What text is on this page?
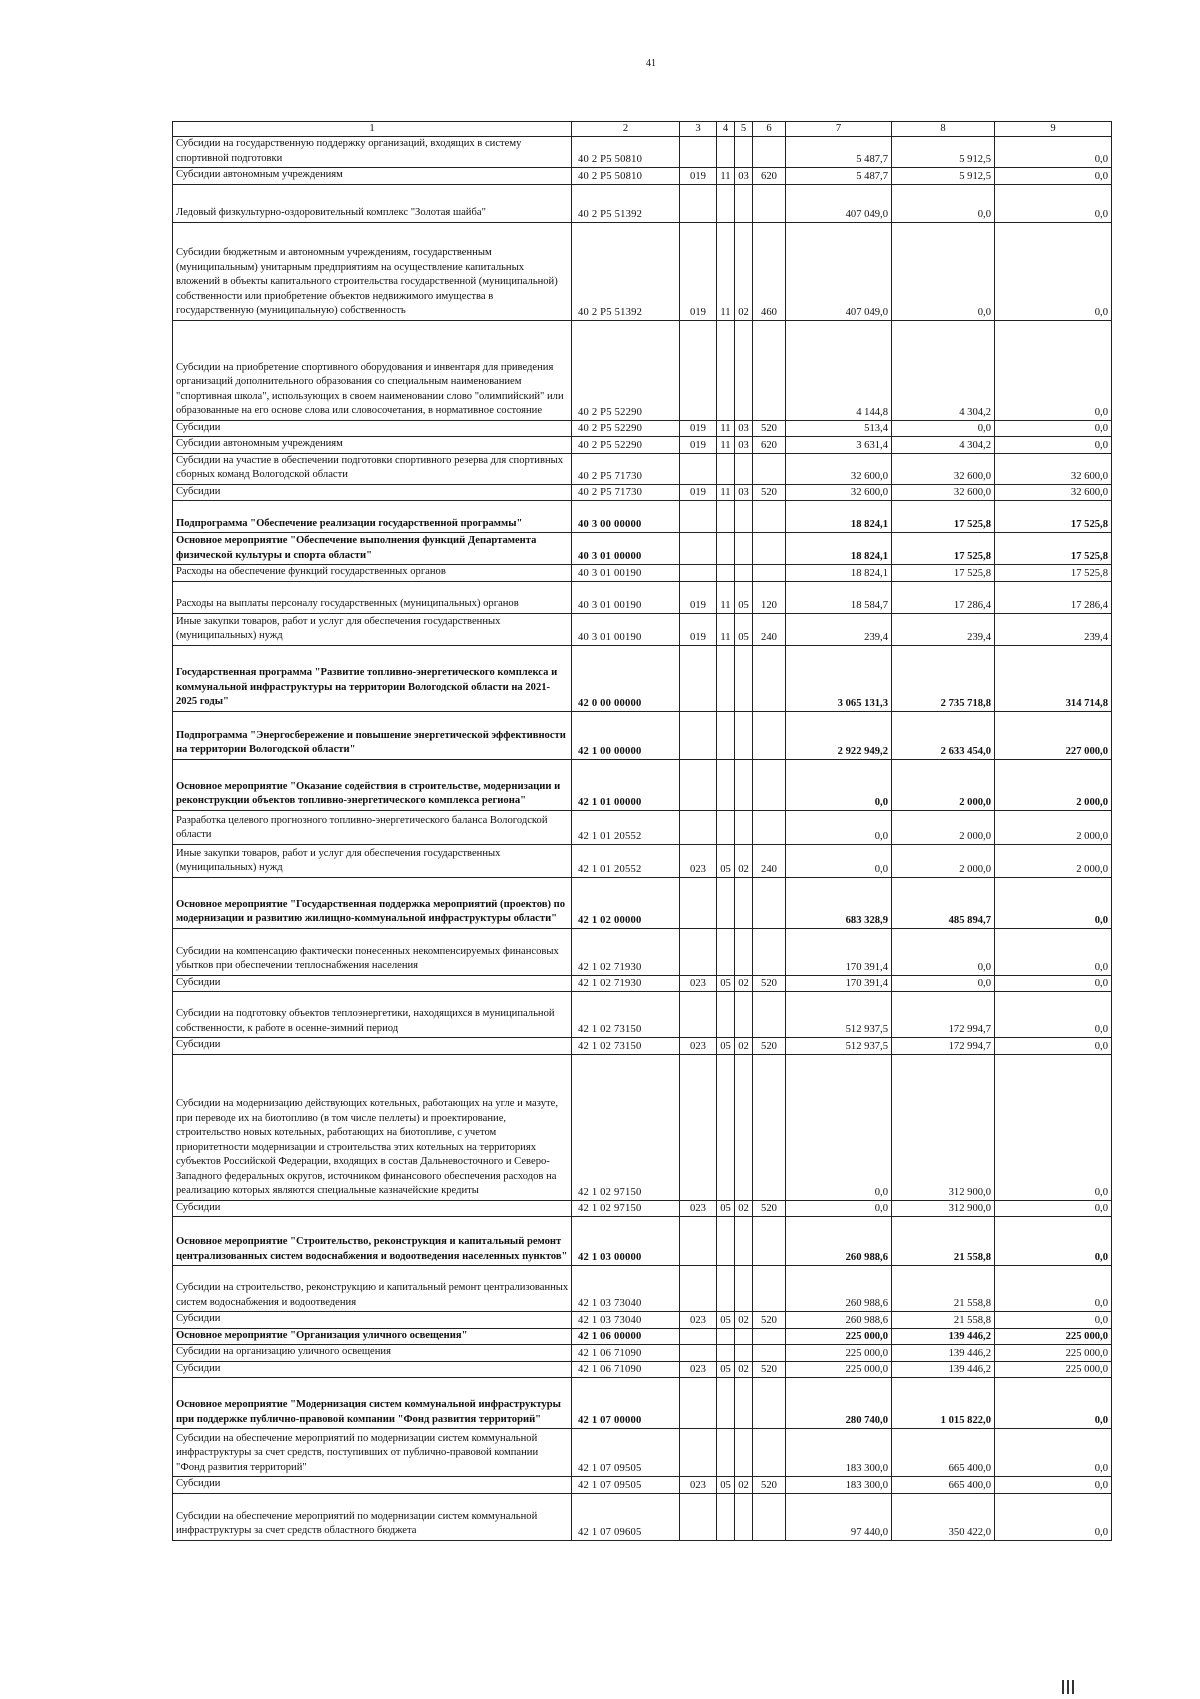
41
1	2	3	4	5	6	7	8	9
Субсидии на государственную поддержку организаций, входящих в систему спортивной подготовки	40 2 P5 50810					5 487,7	5 912,5	0,0
Субсидии автономным учреждениям	40 2 P5 50810	019	11	03	620	5 487,7	5 912,5	0,0
Ледовый физкультурно-оздоровительный комплекс "Золотая шайба"	40 2 P5 51392					407 049,0	0,0	0,0
Субсидии бюджетным и автономным учреждениям, государственным (муниципальным) унитарным предприятиям на осуществление капитальных вложений в объекты капитального строительства государственной (муниципальной) собственности или приобретение объектов недвижимого имущества в государственную (муниципальную) собственность	40 2 P5 51392	019	11	02	460	407 049,0	0,0	0,0
Субсидии на приобретение спортивного оборудования и инвентаря для приведения организаций дополнительного образования со специальным наименованием "спортивная школа", использующих в своем наименовании слово "олимпийский" или образованные на его основе слова или словосочетания, в нормативное состояние	40 2 P5 52290					4 144,8	4 304,2	0,0
Субсидии	40 2 P5 52290	019	11	03	520	513,4	0,0	0,0
Субсидии автономным учреждениям	40 2 P5 52290	019	11	03	620	3 631,4	4 304,2	0,0
Субсидии на участие в обеспечении подготовки спортивного резерва для спортивных сборных команд Вологодской области	40 2 P5 71730					32 600,0	32 600,0	32 600,0
Субсидии	40 2 P5 71730	019	11	03	520	32 600,0	32 600,0	32 600,0
Подпрограмма "Обеспечение реализации государственной программы"	40 3 00 00000					18 824,1	17 525,8	17 525,8
Основное мероприятие "Обеспечение выполнения функций Департамента физической культуры и спорта области"	40 3 01 00000					18 824,1	17 525,8	17 525,8
Расходы на обеспечение функций государственных органов	40 3 01 00190					18 824,1	17 525,8	17 525,8
Расходы на выплаты персоналу государственных (муниципальных) органов	40 3 01 00190	019	11	05	120	18 584,7	17 286,4	17 286,4
Иные закупки товаров, работ и услуг для обеспечения государственных (муниципальных) нужд	40 3 01 00190	019	11	05	240	239,4	239,4	239,4
Государственная программа "Развитие топливно-энергетического комплекса и коммунальной инфраструктуры на территории Вологодской области на 2021-2025 годы"	42 0 00 00000					3 065 131,3	2 735 718,8	314 714,8
Подпрограмма "Энергосбережение и повышение энергетической эффективности на территории Вологодской области"	42 1 00 00000					2 922 949,2	2 633 454,0	227 000,0
Основное мероприятие "Оказание содействия в строительстве, модернизации и реконструкции объектов топливно-энергетического комплекса региона"	42 1 01 00000					0,0	2 000,0	2 000,0
Разработка целевого прогнозного топливно-энергетического баланса Вологодской области	42 1 01 20552					0,0	2 000,0	2 000,0
Иные закупки товаров, работ и услуг для обеспечения государственных (муниципальных) нужд	42 1 01 20552	023	05	02	240	0,0	2 000,0	2 000,0
Основное мероприятие "Государственная поддержка мероприятий (проектов) по модернизации и развитию жилищно-коммунальной инфраструктуры области"	42 1 02 00000					683 328,9	485 894,7	0,0
Субсидии на компенсацию фактически понесенных некомпенсируемых финансовых убытков при обеспечении теплоснабжения населения	42 1 02 71930					170 391,4	0,0	0,0
Субсидии	42 1 02 71930	023	05	02	520	170 391,4	0,0	0,0
Субсидии на подготовку объектов теплоэнергетики, находящихся в муниципальной собственности, к работе в осенне-зимний период	42 1 02 73150					512 937,5	172 994,7	0,0
Субсидии	42 1 02 73150	023	05	02	520	512 937,5	172 994,7	0,0
Субсидии на модернизацию действующих котельных, работающих на угле и мазуте, при переводе их на биотопливо (в том числе пеллеты) и проектирование, строительство новых котельных, работающих на биотопливе, с учетом приоритетности модернизации и строительства этих котельных на территориях субъектов Российской Федерации, входящих в состав Дальневосточного и Северо-Западного федеральных округов, источником финансового обеспечения расходов на реализацию которых являются специальные казначейские кредиты	42 1 02 97150					0,0	312 900,0	0,0
Субсидии	42 1 02 97150	023	05	02	520	0,0	312 900,0	0,0
Основное мероприятие "Строительство, реконструкция и капитальный ремонт централизованных систем водоснабжения и водоотведения населенных пунктов"	42 1 03 00000					260 988,6	21 558,8	0,0
Субсидии на строительство, реконструкцию и капитальный ремонт централизованных систем водоснабжения и водоотведения	42 1 03 73040					260 988,6	21 558,8	0,0
Субсидии	42 1 03 73040	023	05	02	520	260 988,6	21 558,8	0,0
Основное мероприятие "Организация уличного освещения"	42 1 06 00000					225 000,0	139 446,2	225 000,0
Субсидии на организацию уличного освещения	42 1 06 71090					225 000,0	139 446,2	225 000,0
Субсидии	42 1 06 71090	023	05	02	520	225 000,0	139 446,2	225 000,0
Основное мероприятие "Модернизация систем коммунальной инфраструктуры при поддержке публично-правовой компании "Фонд развития территорий"	42 1 07 00000					280 740,0	1 015 822,0	0,0
Субсидии на обеспечение мероприятий по модернизации систем коммунальной инфраструктуры за счет средств, поступивших от публично-правовой компании "Фонд развития территорий"	42 1 07 09505					183 300,0	665 400,0	0,0
Субсидии	42 1 07 09505	023	05	02	520	183 300,0	665 400,0	0,0
Субсидии на обеспечение мероприятий по модернизации систем коммунальной инфраструктуры за счет средств областного бюджета	42 1 07 09605					97 440,0	350 422,0	0,0
